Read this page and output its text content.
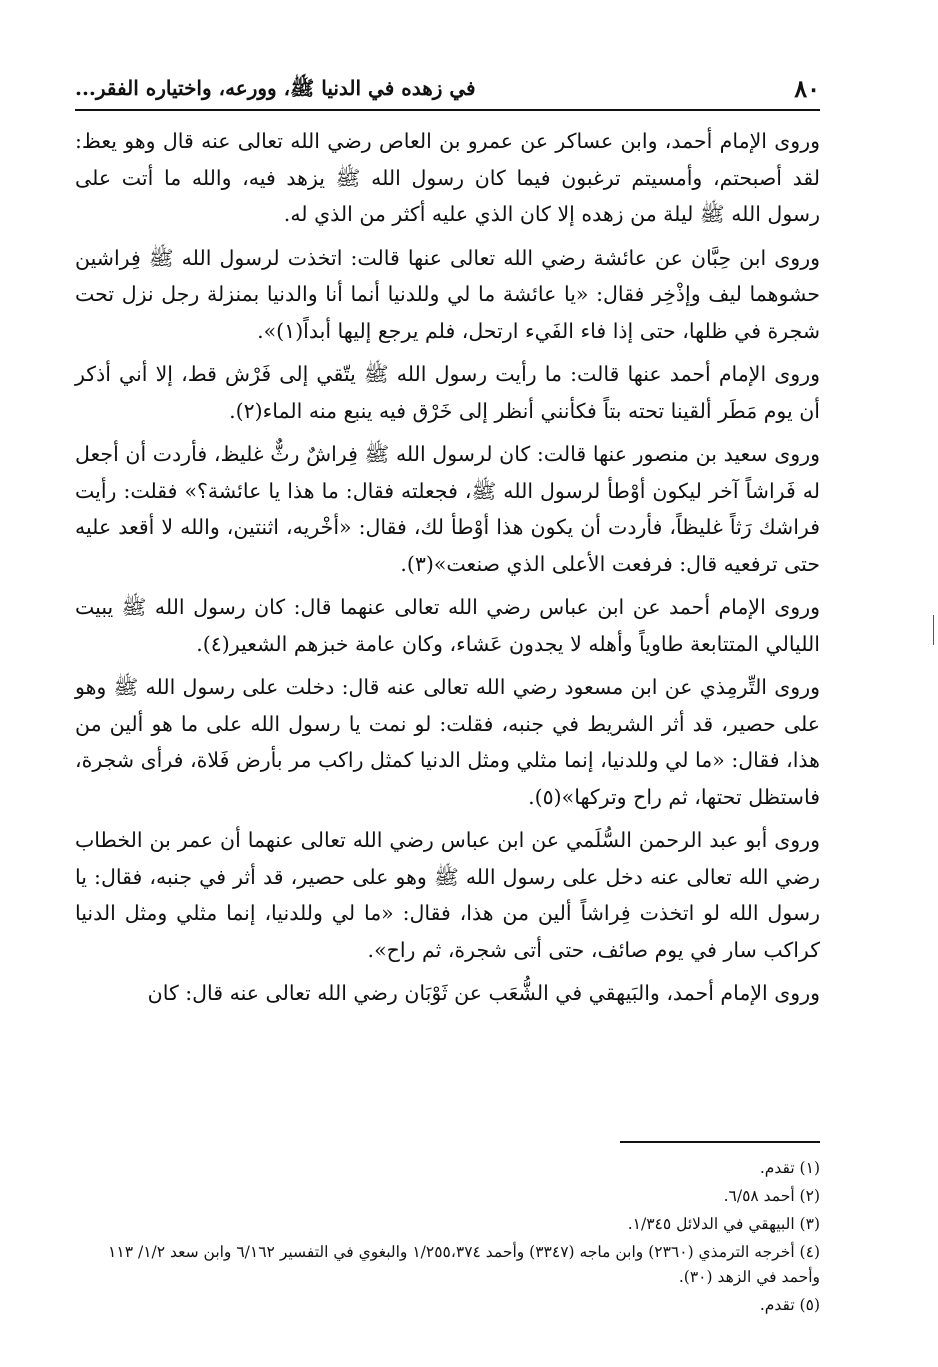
٨٠
في زهده في الدنيا ﷺ، وورعه، واختياره الفقر...

وروى الإمام أحمد، وابن عساكر عن عمرو بن العاص رضي الله تعالى عنه قال وهو يعظ: لقد أصبحتم، وأمسيتم ترغبون فيما كان رسول الله ﷺ يزهد فيه، والله ما أتت على رسول الله ﷺ ليلة من زهده إلا كان الذي عليه أكثر من الذي له.

وروى ابن حِبَّان عن عائشة رضي الله تعالى عنها قالت: اتخذت لرسول الله ﷺ فِراشين حشوهما ليف وإذْخِر فقال: «يا عائشة ما لي وللدنيا أنما أنا والدنيا بمنزلة رجل نزل تحت شجرة في ظلها، حتى إذا فاء الفَيء ارتحل، فلم يرجع إليها أبداً(١)».

وروى الإمام أحمد عنها قالت: ما رأيت رسول الله ﷺ يتّقي إلى فَرْش قط، إلا أني أذكر أن يوم مَطَر ألقينا تحته بتاً فكأنني أنظر إلى خَرْق فيه ينبع منه الماء(٢).

وروى سعيد بن منصور عنها قالت: كان لرسول الله ﷺ فِراشٌ رثٌّ غليظ، فأردت أن أجعل له فَراشاً آخر ليكون أوْطأ لرسول الله ﷺ، فجعلته فقال: ما هذا يا عائشة؟» فقلت: رأيت فراشك رَثاً غليظاً، فأردت أن يكون هذا أوْطأ لك، فقال: «أخْريه، اثنتين، والله لا أقعد عليه حتى ترفعيه قال: فرفعت الأعلى الذي صنعت»(٣).

وروى الإمام أحمد عن ابن عباس رضي الله تعالى عنهما قال: كان رسول الله ﷺ يبيت الليالي المتتابعة طاوياً وأهله لا يجدون عَشاء، وكان عامة خبزهم الشعير(٤).

وروى التِّرمِذي عن ابن مسعود رضي الله تعالى عنه قال: دخلت على رسول الله ﷺ وهو على حصير، قد أثر الشريط في جنبه، فقلت: لو نمت يا رسول الله على ما هو ألين من هذا، فقال: «ما لي وللدنيا، إنما مثلي ومثل الدنيا كمثل راكب مر بأرض فَلاة، فرأى شجرة، فاستظل تحتها، ثم راح وتركها»(٥).

وروى أبو عبد الرحمن السُّلَمي عن ابن عباس رضي الله تعالى عنهما أن عمر بن الخطاب رضي الله تعالى عنه دخل على رسول الله ﷺ وهو على حصير، قد أثر في جنبه، فقال: يا رسول الله لو اتخذت فِراشاً ألين من هذا، فقال: «ما لي وللدنيا، إنما مثلي ومثل الدنيا كراكب سار في يوم صائف، حتى أتى شجرة، ثم راح».

وروى الإمام أحمد، والبَيهقي في الشُّعَب عن ثَوْبَان رضي الله تعالى عنه قال: كان

(١) تقدم.

(٢) أحمد ٦/٥٨.

(٣) البيهقي في الدلائل ١/٣٤٥.

(٤) أخرجه الترمذي (٢٣٦٠) وابن ماجه (٣٣٤٧) وأحمد ١/٢٥٥،٣٧٤ والبغوي في التفسير ٦/١٦٢ وابن سعد ١/٢/ ١١٣ وأحمد في الزهد (٣٠).

(٥) تقدم.
